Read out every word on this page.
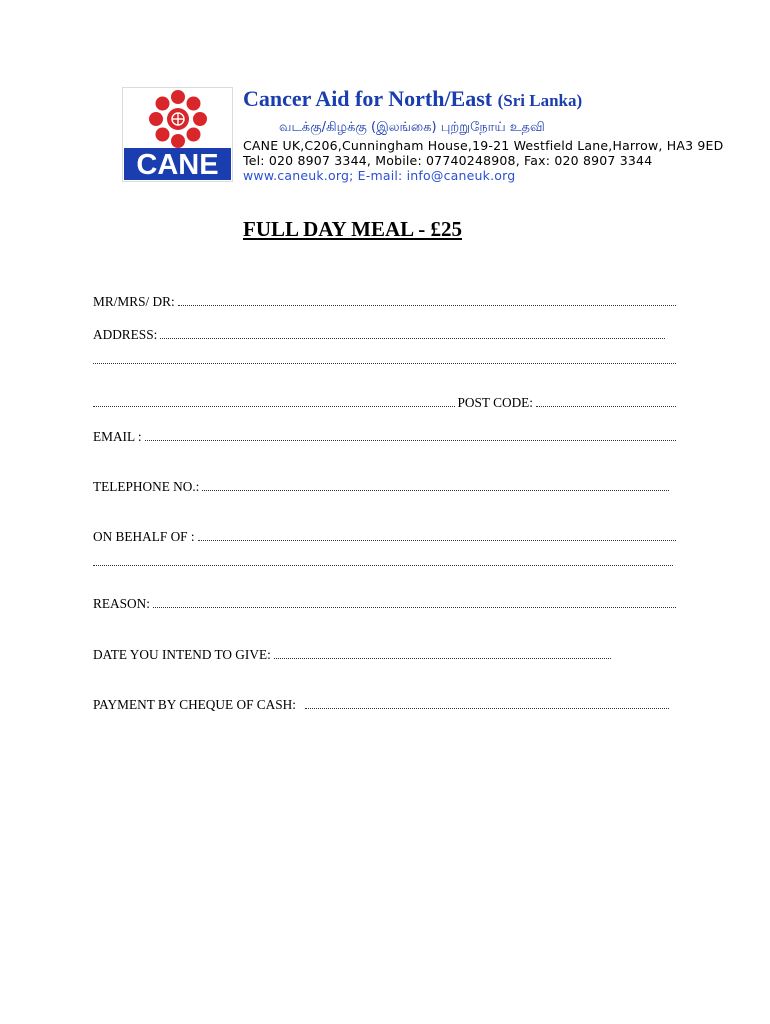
CANE
Cancer Aid for North/East (Sri Lanka)
வடக்கு/கிழக்கு (இலங்கை) புற்றுநோய் உதவி
CANE UK,C206,Cunningham House,19-21 Westfield Lane,Harrow, HA3 9ED
Tel: 020 8907 3344, Mobile: 07740248908, Fax: 020 8907 3344
www.caneuk.org; E-mail: info@caneuk.org
FULL DAY MEAL - £25
MR/MRS/ DR:
ADDRESS:
POST CODE:
EMAIL :
TELEPHONE NO.:
ON BEHALF OF :
REASON:
DATE YOU INTEND TO GIVE:
PAYMENT BY CHEQUE OF CASH:
